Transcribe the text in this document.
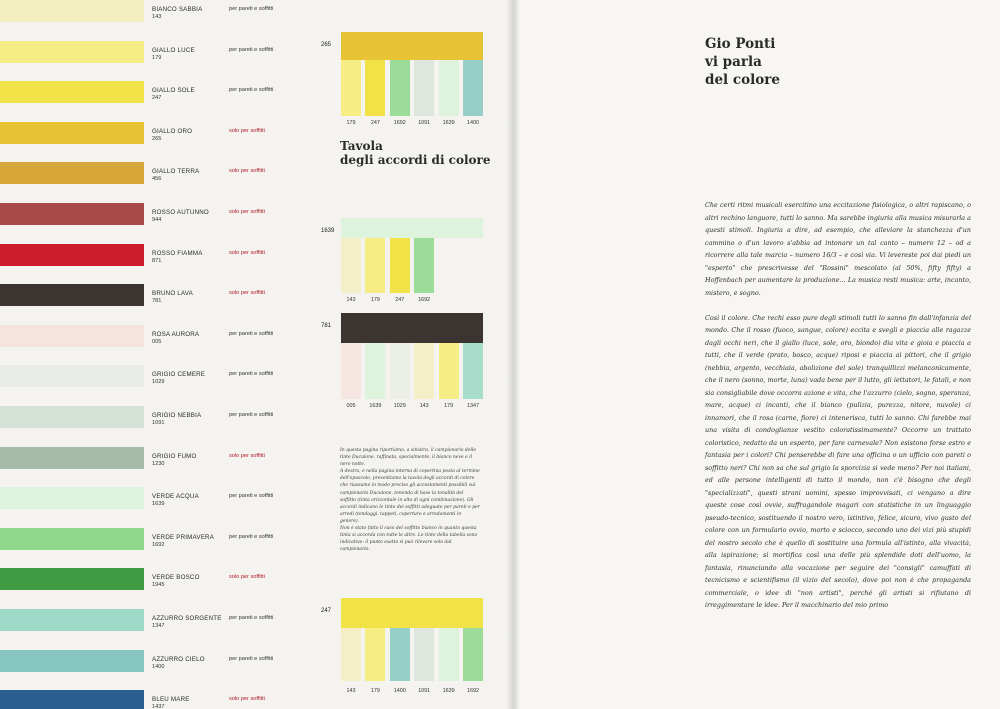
BIANCO SABBIA
143
per pareti e soffitti
GIALLO LUCE
179
per pareti e soffitti
GIALLO SOLE
247
per pareti e soffitti
GIALLO ORO
265
solo per soffitti
GIALLO TERRA
456
solo per soffitti
ROSSO AUTUNNO
944
solo per soffitti
ROSSO FIAMMA
871
solo per soffitti
BRUNO LAVA
781
solo per soffitti
ROSA AURORA
005
per pareti e soffitti
GRIGIO CEMERE
1029
per pareti e soffitti
GRIGIO NEBBIA
1091
per pareti e soffitti
GRIGIO FUMO
1230
solo per soffitti
VERDE ACQUA
1639
per pareti e soffitti
VERDE PRIMAVERA
1692
per pareti e soffitti
VERDE BOSCO
1945
solo per soffitti
AZZURRO SORGENTE
1347
per pareti e soffitti
AZZURRO CIELO
1400
per pareti e soffitti
BLEU MARE
1437
solo per soffitti
Tavola
degli accordi di colore
265
179	247	1692	1091	1639	1400
1639
143	179	247	1692
781
005	1639	1029	143	179	1347
247
143	179	1400	1091	1639	1692

In questa pagina riportiamo, a sinistra, il campionario delle tinte Duculone, raffinata, specialmente, il bianco neve e il nero notte.

A destra, e nella pagina interna di copertina posta al termine dell'opuscolo, presentiamo la tavola degli accordi di colore che riassume in modo preciso gli accostamenti possibili sul campionario Duculone, tenendo di base la tonalità del soffitto (tinta orizzontale in alto di ogni combinazione). Gli accordi indicano le tinte dei soffitti adeguate per pareti e per arredi (tendaggi, tappeti, coperture e arredamenti in genere).

Non è stato fatto il caso del soffitto bianco in quanto questa tinta si accorda con tutte le altre. Le tinte della tabella sono indicative: il punto esatto si può rilevare solo dal campionario.

Gio Ponti
vi parla
del colore

Che certi ritmi musicali esercitino una eccitazione fisiologica, o altri rapiscano, o altri rechino languore, tutti lo sanno. Ma sarebbe ingiuria alla musica misurarla a questi stimoli. Ingiuria a dire, ad esempio, che alleviare la stanchezza d'un cammino o d'un lavoro s'abbia ad intonare un tal canto – numero 12 – od a ricorrere alla tale marcia – numero 16/3 – e così via. Vi levereste poi dai piedi un "esperto" che prescrivesse del "Rossini" mescolato (al 50%, fifty fifty) a Hoffenbach per aumentare la produzione... La musica resti musica: arte, incanto, mistero, e sogno.

Così il colore. Che rechi esso pure degli stimoli tutti lo sanno fin dall'infanzia del mondo. Che il rosso (fuoco, sangue, colore) eccita e svegli e piaccia alle ragazze dagli occhi neri, che il giallo (luce, sole, oro, biondo) dia vita e gioia e piaccia a tutti, che il verde (prato, bosco, acque) riposi e piaccia ai pittori, che il grigio (nebbia, argento, vecchiaia, abolizione del sole) tranquillizzi melanconicamente, che il nero (sonno, morte, luna) vada bene per il lutto, gli iettatori, le fatali, e non sia consigliabile dove occorra azione e vita, che l'azzurro (cielo, sogno, speranza, mare, acque) ci incanti, che il bianco (pulizia, purezza, nitore, nuvole) ci innamori, che il rosa (carne, fiore) ci intenerisca, tutti lo sanno. Chi farebbe mai una visita di condoglianze vestito coloratissimamente? Occorre un trattato coloristico, redatto da un esperto, per fare carnevale? Non esistono forse estro e fantasia per i colori? Chi penserebbe di fare una officina o un ufficio con pareti o soffitto neri? Chi non sa che sul grigio la sporcizia si vede meno? Per noi italiani, ed alle persone intelligenti di tutto il mondo, non c'è bisogno che degli "specializzati", questi strani uomini, spesso improvvisati, ci vengano a dire queste cose così ovvie, suffragandole magari con statistiche in un linguaggio pseudo-tecnico, sostituendo il nostro vero, istintivo, felice, sicuro, vivo gusto del colore con un formulario ovvio, morto e sciocco, secondo uno dei vizi più stupidi del nostro secolo che è quello di sostituire una formula all'istinto, alla vivacità, alla ispirazione; si mortifica così una delle più splendide doti dell'uomo, la fantasia, rinunciando alla vocazione per seguire dei "consigli" camuffati di tecnicismo e scientifismo (il vizio del secolo), dove poi non è che propaganda commerciale, o idee di "non artisti", perché gli artisti si rifiutano di irreggimentare le idee. Per il macchinario del mio primo
